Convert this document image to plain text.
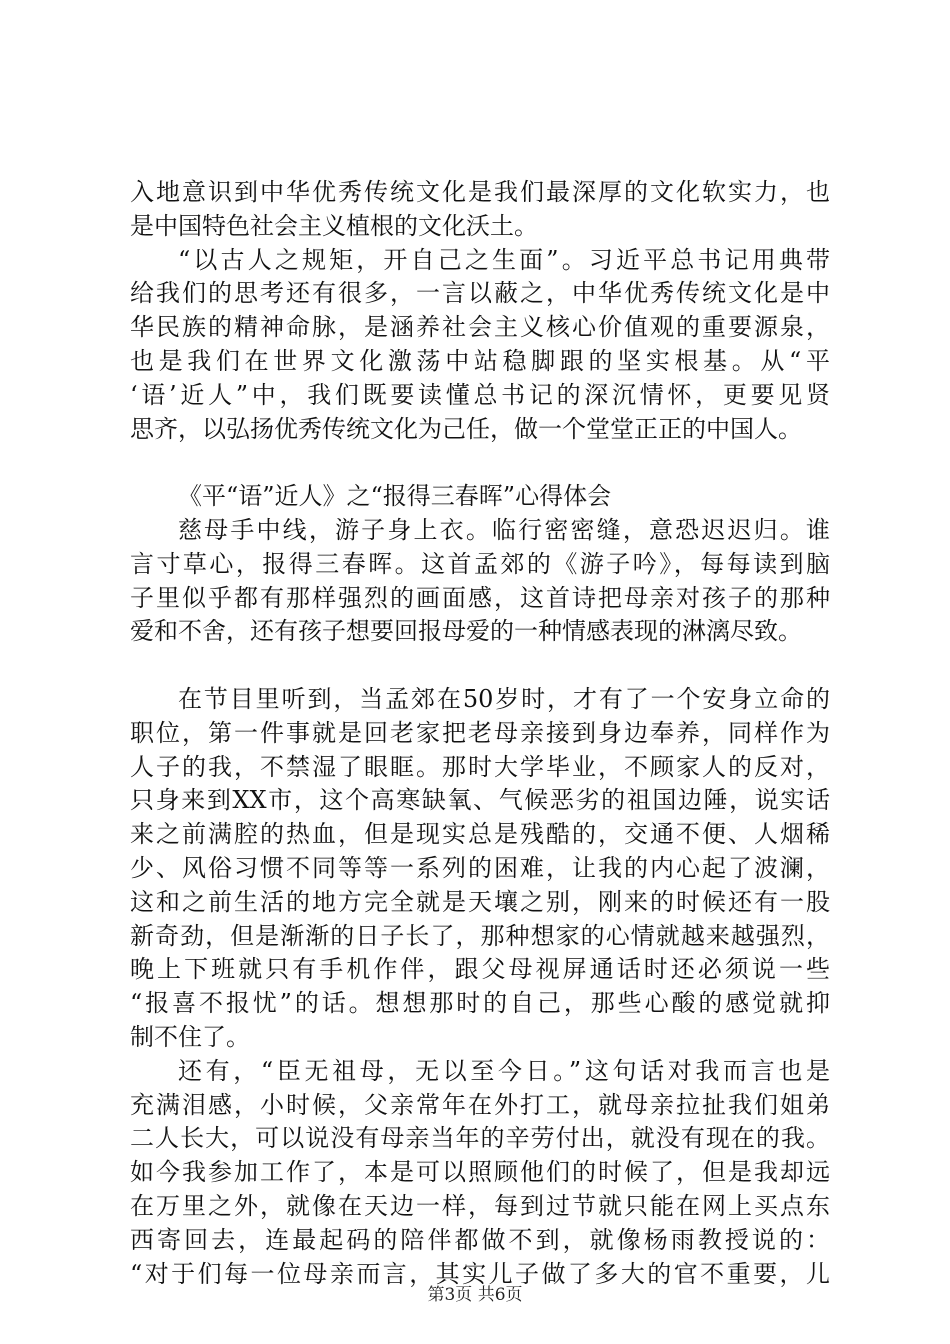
入地意识到中华优秀传统文化是我们最深厚的文化软实力，也
是中国特色社会主义植根的文化沃土。
“以古人之规矩，开自己之生面”。习近平总书记用典带
给我们的思考还有很多，一言以蔽之，中华优秀传统文化是中
华民族的精神命脉，是涵养社会主义核心价值观的重要源泉，
也是我们在世界文化激荡中站稳脚跟的坚实根基。从“平
‘语’近人”中，我们既要读懂总书记的深沉情怀，更要见贤
思齐，以弘扬优秀传统文化为己任，做一个堂堂正正的中国人。
《平“语”近人》之“报得三春晖”心得体会
慈母手中线，游子身上衣。临行密密缝，意恐迟迟归。谁
言寸草心，报得三春晖。这首孟郊的《游子吟》，每每读到脑
子里似乎都有那样强烈的画面感，这首诗把母亲对孩子的那种
爱和不舍，还有孩子想要回报母爱的一种情感表现的淋漓尽致。
在节目里听到，当孟郊在50岁时，才有了一个安身立命的
职位，第一件事就是回老家把老母亲接到身边奉养，同样作为
人子的我，不禁湿了眼眶。那时大学毕业，不顾家人的反对，
只身来到XX市，这个高寒缺氧、气候恶劣的祖国边陲，说实话
来之前满腔的热血，但是现实总是残酷的，交通不便、人烟稀
少、风俗习惯不同等等一系列的困难，让我的内心起了波澜，
这和之前生活的地方完全就是天壤之别，刚来的时候还有一股
新奇劲，但是渐渐的日子长了，那种想家的心情就越来越强烈，
晚上下班就只有手机作伴，跟父母视屏通话时还必须说一些
“报喜不报忧”的话。想想那时的自己，那些心酸的感觉就抑
制不住了。
还有，“臣无祖母，无以至今日。”这句话对我而言也是
充满泪感，小时候，父亲常年在外打工，就母亲拉扯我们姐弟
二人长大，可以说没有母亲当年的辛劳付出，就没有现在的我。
如今我参加工作了，本是可以照顾他们的时候了，但是我却远
在万里之外，就像在天边一样，每到过节就只能在网上买点东
西寄回去，连最起码的陪伴都做不到，就像杨雨教授说的：
“对于们每一位母亲而言，其实儿子做了多大的官不重要，儿
第3页 共6页
